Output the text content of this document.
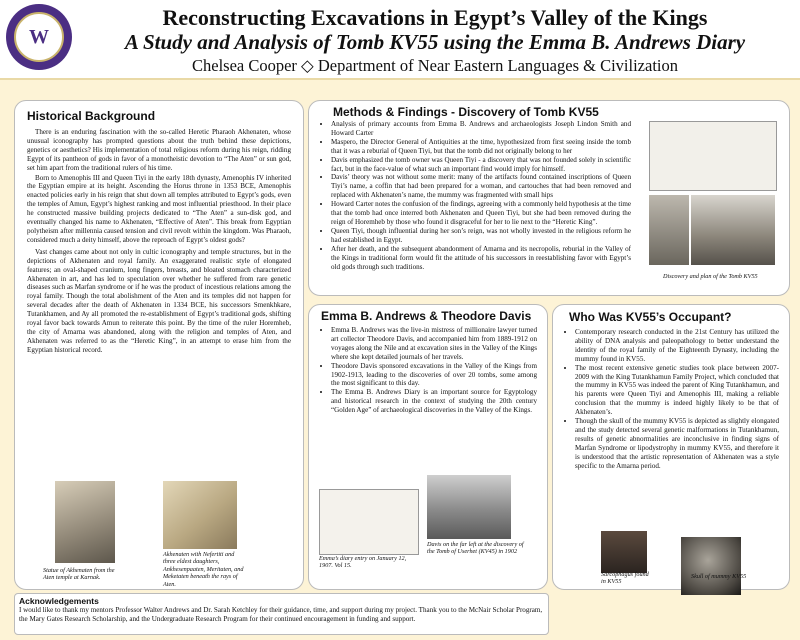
W
Reconstructing Excavations in Egypt’s Valley of the Kings
A Study and Analysis of Tomb KV55 using the Emma B. Andrews Diary
Chelsea Cooper ◇ Department of Near Eastern Languages & Civilization
Historical Background

There is an enduring fascination with the so-called Heretic Pharaoh Akhenaten, whose unusual iconography has prompted questions about the truth behind these depictions, genetics or aesthetics? His implementation of total religious reform during his reign, ridding Egypt of its pantheon of gods in favor of a monotheistic devotion to “The Aten” or sun god, set him apart from the traditional rulers of his time.

Born to Amenophis III and Queen Tiyi in the early 18th dynasty, Amenophis IV inherited the Egyptian empire at its height. Ascending the Horus throne in 1353 BCE, Amenophis enacted policies early in his reign that shut down all temples attributed to Egypt’s gods, even the temples of Amun, Egypt’s highest ranking and most influential priesthood. In their place he constructed massive building projects dedicated to “The Aten” a sun-disk god, and eventually changed his name to Akhenaten, “Effective of Aten”. This break from Egyptian polytheism after millennia caused tension and civil revolt within the kingdom. Was Pharaoh, considered much a deity himself, above the reproach of Egypt’s oldest gods?

Vast changes came about not only in cultic iconography and temple structures, but in the depictions of Akhenaten and royal family. An exaggerated realistic style of elongated features; an oval-shaped cranium, long fingers, breasts, and bloated stomach characterized Akhenaten in art, and has led to speculation over whether he suffered from rare genetic diseases such as Marfan syndrome or if he was the product of incestious relations among the royal family. Though the total abolishment of the Aten and its temples did not happen for several decades after the death of Akhenaten in 1334 BCE, his successors Smenkhkare, Tutankhamen, and Ay all promoted the re-establishment of Egypt’s traditional gods, shifting royal favor back towards Amun to reiterate this point. By the time of the ruler Horemheb, the city of Amarna was abandoned, along with the religion and temples of Aten, and Akhenaten was referred to as the “Heretic King”, in an attempt to erase him from the Egyptian historical record.

Statue of Akhenaten from the Aten temple at Karnak.
Akhenaten with Nefertiti and three eldest daughters, Ankhesenpaaten, Meritaten, and Meketaten beneath the rays of Aten.
Methods & Findings - Discovery of Tomb KV55
• Analysis of primary accounts from Emma B. Andrews and archaeologists Joseph Lindon Smith and Howard Carter
• Maspero, the Director General of Antiquities at the time, hypothesized from first seeing inside the tomb that it was a reburial of Queen Tiyi, but that the tomb did not originally belong to her
• Davis emphasized the tomb owner was Queen Tiyi - a discovery that was not founded solely in scientific fact, but in the face-value of what such an important find would imply for himself.
• Davis’ theory was not without some merit: many of the artifacts found contained inscriptions of Queen Tiyi’s name, a coffin that had been prepared for a woman, and cartouches that had been removed and replaced with Akhenaten’s name, the mummy was fragmented with small hips
• Howard Carter notes the confusion of the findings, agreeing with a commonly held hypothesis at the time that the tomb had once interred both Akhenaten and Queen Tiyi, but she had been removed during the reign of Horemheb by those who found it disgraceful for her to lie next to the “Heretic King”.
• Queen Tiyi, though influential during her son’s reign, was not wholly invested in the religious reform he had established in Egypt.
• After her death, and the subsequent abandonment of Amarna and its necropolis, reburial in the Valley of the Kings in traditional form would fit the attitude of his successors in reestablishing favor with Egypt’s old gods through such traditions.
Discovery and plan of the Tomb KV55
Emma B. Andrews & Theodore Davis
• Emma B. Andrews was the live-in mistress of millionaire lawyer turned art collector Theodore Davis, and accompanied him from 1889-1912 on voyages along the Nile and at excavation sites in the Valley of the Kings where she kept detailed journals of her travels.
• Theodore Davis sponsored excavations in the Valley of the Kings from 1902-1913, leading to the discoveries of over 20 tombs, some among the most significant to this day.
• The Emma B. Andrews Diary is an important source for Egyptology and historical research in the context of studying the 20th century “Golden Age” of archaeological discoveries in the Valley of the Kings.
Emma’s diary entry on January 12, 1907. Vol 15.
Davis on the far left at the discovery of the Tomb of Userhet (KV45) in 1902
Who Was KV55’s Occupant?
• Contemporary research conducted in the 21st Century has utilized the ability of DNA analysis and paleopathology to better understand the identity of the royal family of the Eighteenth Dynasty, including the mummy found in KV55.
• The most recent extensive genetic studies took place between 2007-2009 with the King Tutankhamun Family Project, which concluded that the mummy in KV55 was indeed the parent of King Tutankhamun, and his parents were Queen Tiyi and Amenophis III, making a reliable conclusion that the mummy is indeed highly likely to be that of Akhenaten’s.
• Though the skull of the mummy KV55 is depicted as slightly elongated and the study detected several genetic malformations in Tutankhamun, results of genetic abnormalities are inconclusive in finding signs of Marfan Syndrome or lipodystrophy in mummy KV55, and therefore it is understood that the artistic representation of Akhenaten was a style specific to the Amarna period.
Sarcophagus found in KV55
Skull of mummy KV55
Acknowledgements
I would like to thank my mentors Professor Walter Andrews and Dr. Sarah Ketchley for their guidance, time, and support during my project. Thank you to the McNair Scholar Program, the Mary Gates Research Scholarship, and the Undergraduate Research Program for their continued encouragement in funding and support.
